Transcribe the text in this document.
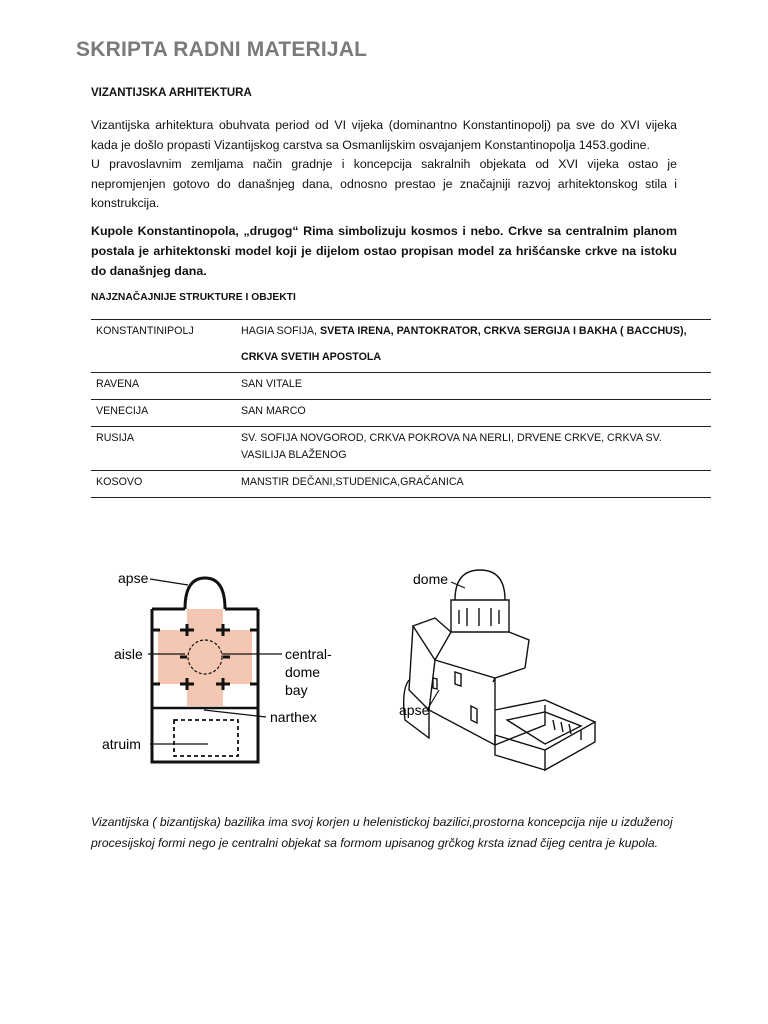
SKRIPTA RADNI MATERIJAL
VIZANTIJSKA ARHITEKTURA
Vizantijska arhitektura obuhvata period od VI vijeka (dominantno Konstantinopolj) pa sve do XVI vijeka kada je došlo propasti Vizantijskog carstva sa Osmanlijskim osvajanjem Konstantinopolja 1453.godine.
U pravoslavnim zemljama način gradnje i koncepcija sakralnih objekata od XVI vijeka ostao je nepromjenjen gotovo do današnjeg dana, odnosno prestao je značajniji razvoj arhitektonskog stila i konstrukcija.
Kupole Konstantinopola, „drugog“ Rima simbolizuju kosmos i nebo. Crkve sa centralnim planom postala je arhitektonski model koji je dijelom ostao propisan model za hrišćanske crkve na istoku do današnjeg dana.
NAJZNAČAJNIJE STRUKTURE I OBJEKTI
KONSTANTINIPOLJ	HAGIA SOFIJA, SVETA IRENA, PANTOKRATOR, CRKVA SERGIJA I BAKHA ( BACCHUS),
CRKVA SVETIH APOSTOLA
RAVENA	SAN VITALE
VENECIJA	SAN MARCO
RUSIJA	SV. SOFIJA NOVGOROD, CRKVA POKROVA NA NERLI, DRVENE CRKVE, CRKVA SV. VASILIJA BLAŽENOG
KOSOVO	MANSTIR DEČANI,STUDENICA,GRAČANICA
apse
aisle	central-
dome
bay
narthex
atruim
dome
apse
Vizantijska ( bizantijska) bazilika ima svoj korjen u helenistickoj bazilici,prostorna koncepcija nije u izduženoj procesijskoj formi nego je centralni objekat sa formom upisanog grčkog krsta iznad čijeg centra je kupola.
